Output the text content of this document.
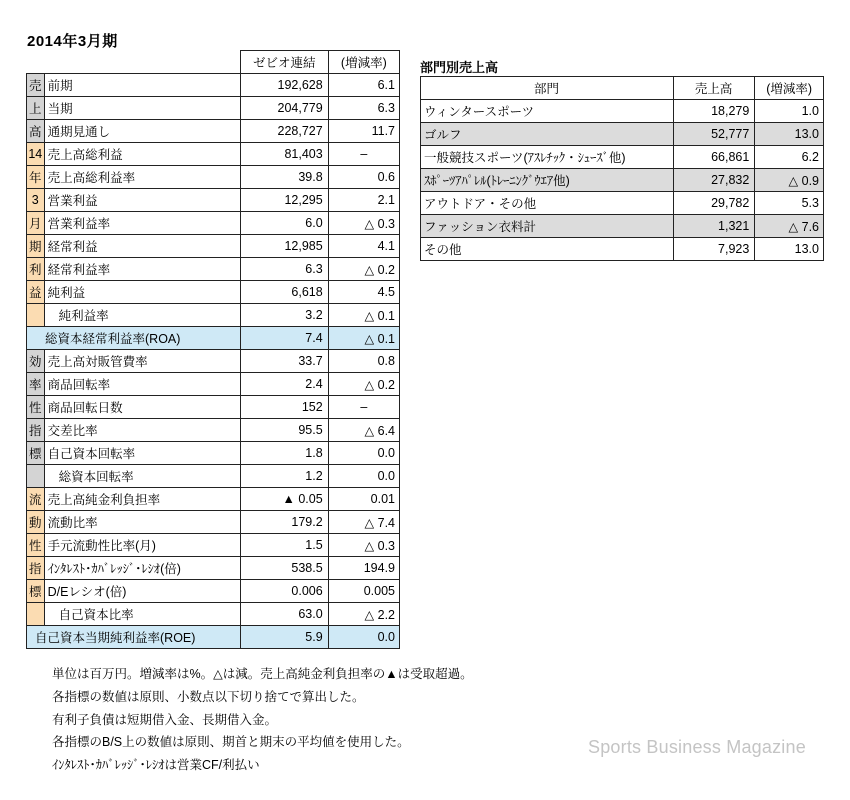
2014年3月期
		ゼビオ連結	(増減率)
売	前期	192,628	6.1
上	当期	204,779	6.3
高	通期見通し	228,727	11.7
14	売上高総利益	81,403	–
年	売上高総利益率	39.8	0.6
3	営業利益	12,295	2.1
月	営業利益率	6.0	△ 0.3
期	経常利益	12,985	4.1
利	経常利益率	6.3	△ 0.2
益	純利益	6,618	4.5
	純利益率	3.2	△ 0.1
総資本経常利益率(ROA)		7.4	△ 0.1
効	売上高対販管費率	33.7	0.8
率	商品回転率	2.4	△ 0.2
性	商品回転日数	152	–
指	交差比率	95.5	△ 6.4
標	自己資本回転率	1.8	0.0
	総資本回転率	1.2	0.0
流	売上高純金利負担率	▲ 0.05	0.01
動	流動比率	179.2	△ 7.4
性	手元流動性比率(月)	1.5	△ 0.3
指	ｲﾝﾀﾚｽﾄ･ｶﾊﾞﾚｯｼﾞ･ﾚｼｵ(倍)	538.5	194.9
標	D/Eレシオ(倍)	0.006	0.005
	自己資本比率	63.0	△ 2.2
自己資本当期純利益率(ROE)		5.9	0.0
部門別売上高
部門	売上高	(増減率)
ウィンタースポーツ	18,279	1.0
ゴルフ	52,777	13.0
一般競技スポーツ(ｱｽﾚﾁｯｸ・ｼｭｰｽﾞ他)	66,861	6.2
ｽﾎﾟｰﾂｱﾊﾟﾚﾙ(ﾄﾚｰﾆﾝｸﾞｳｴｱ他)	27,832	△ 0.9
アウトドア・その他	29,782	5.3
ファッション衣料計	1,321	△ 7.6
その他	7,923	13.0
単位は百万円。増減率は%。△は減。売上高純金利負担率の▲は受取超過。
各指標の数値は原則、小数点以下切り捨てで算出した。
有利子負債は短期借入金、長期借入金。
各指標のB/S上の数値は原則、期首と期末の平均値を使用した。
ｲﾝﾀﾚｽﾄ･ｶﾊﾞﾚｯｼﾞ･ﾚｼｵは営業CF/利払い
Sports Business Magazine
